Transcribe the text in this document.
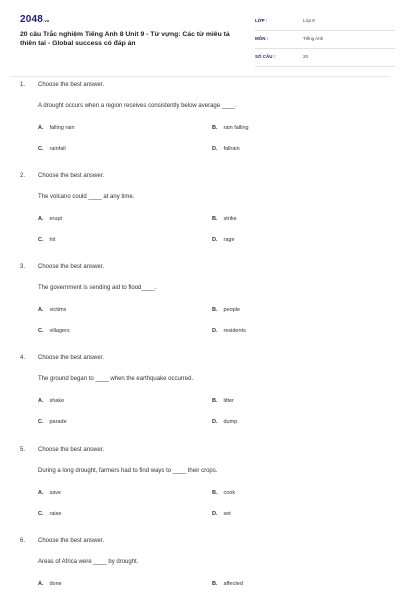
2048.vn
20 câu Trắc nghiệm Tiếng Anh 8 Unit 9 - Từ vựng: Các từ miêu tả thiên tai - Global success có đáp án
LỚP :	Lớp 8
MÔN :	Tiếng Anh
SỐ CÂU :	20
1. Choose the best answer.
A drought occurs when a region receives consistently below average ____.
A. falling rain	B. rain falling
C. rainfall	D. fallrain
2. Choose the best answer.
The volcano could ____ at any time.
A. erupt	B. strike
C. hit	D. rage
3. Choose the best answer.
The government is sending aid to flood____.
A. victims	B. people
C. villagers	D. residents
4. Choose the best answer.
The ground began to ____ when the earthquake occurred.
A. shake	B. litter
C. parade	D. dump
5. Choose the best answer.
During a long drought, farmers had to find ways to ____ their crops.
A. save	B. cook
C. raise	D. set
6. Choose the best answer.
Areas of Africa were ____ by drought.
A. done	B. affected
